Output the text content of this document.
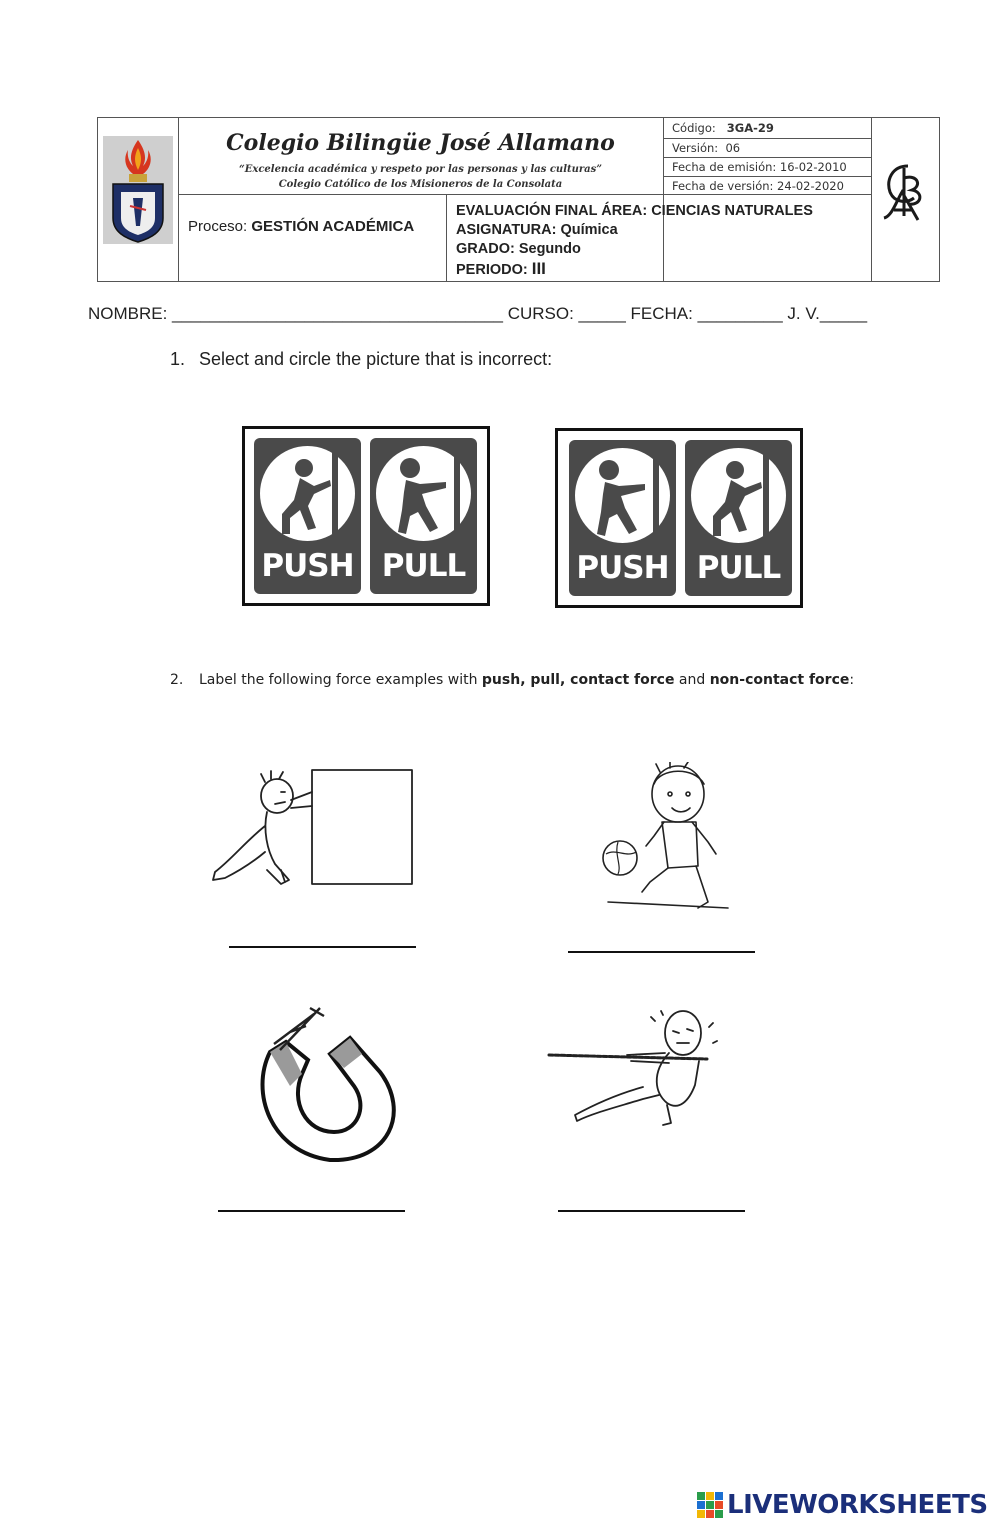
Colegio Bilingüe José Allamano
“Excelencia académica y respeto por las personas y las culturas”
Colegio Católico de los Misioneros de la Consolata
Código: 3GA-29
Versión: 06
Fecha de emisión: 16-02-2010
Fecha de versión: 24-02-2020
Proceso: GESTIÓN ACADÉMICA
EVALUACIÓN FINAL ÁREA: CIENCIAS NATURALES
ASIGNATURA: Química
GRADO: Segundo
PERIODO: III
NOMBRE: ___________________________________ CURSO: _____ FECHA: _________ J. V._____
1. Select and circle the picture that is incorrect:
PUSH PULL	PUSH PULL
2. Label the following force examples with push, pull, contact force and non-contact force:
LIVEWORKSHEETS
